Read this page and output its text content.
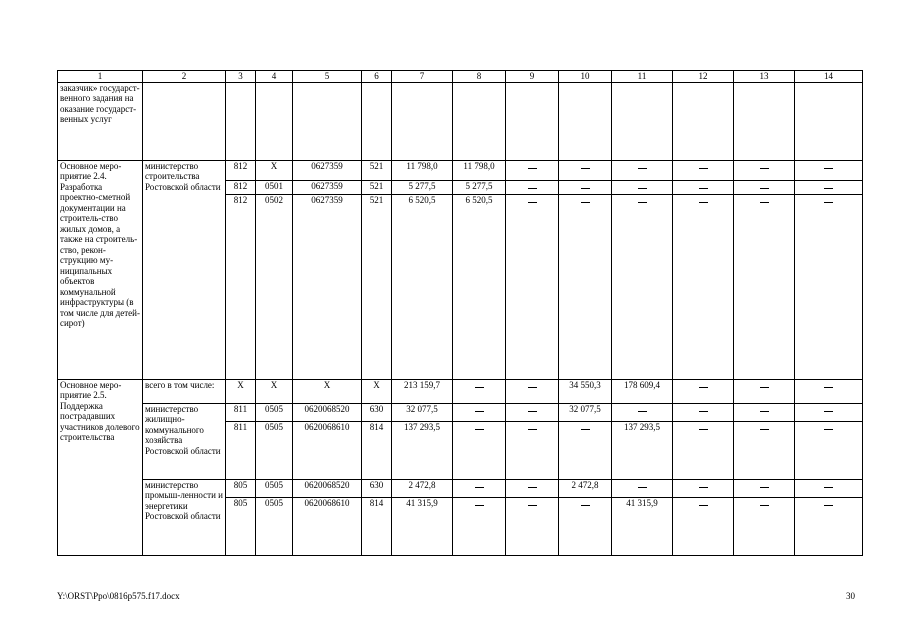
1	2	3	4	5	6	7	8	9	10	11	12	13	14
заказчик» государст-венного задания на оказание государст-венных услуг													
Основное меро-приятие 2.4. Разработка проектно-сметной документации на строитель-ство жилых домов, а также на строитель-ство, рекон-струкцию му-ниципальных объектов коммунальной инфраструктуры (в том числе для детей-сирот)	министерство строительства Ростовской области	812	X	0627359	521	11 798,0	11 798,0						
		812	0501	0627359	521	5 277,5	5 277,5						
		812	0502	0627359	521	6 520,5	6 520,5						
Основное меро-приятие 2.5. Поддержка пострадавших участников долевого строительства	всего в том числе:	X	X	X	X	213 159,7			34 550,3	178 609,4			
	министерство жилищно-коммунального хозяйства Ростовской области	811	0505	0620068520	630	32 077,5			32 077,5				
		811	0505	0620068610	814	137 293,5				137 293,5			
	министерство промыш-ленности и энергетики Ростовской области	805	0505	0620068520	630	2 472,8			2 472,8				
		805	0505	0620068610	814	41 315,9				41 315,9			
Y:\ORST\Ppo\0816p575.f17.docx	30
